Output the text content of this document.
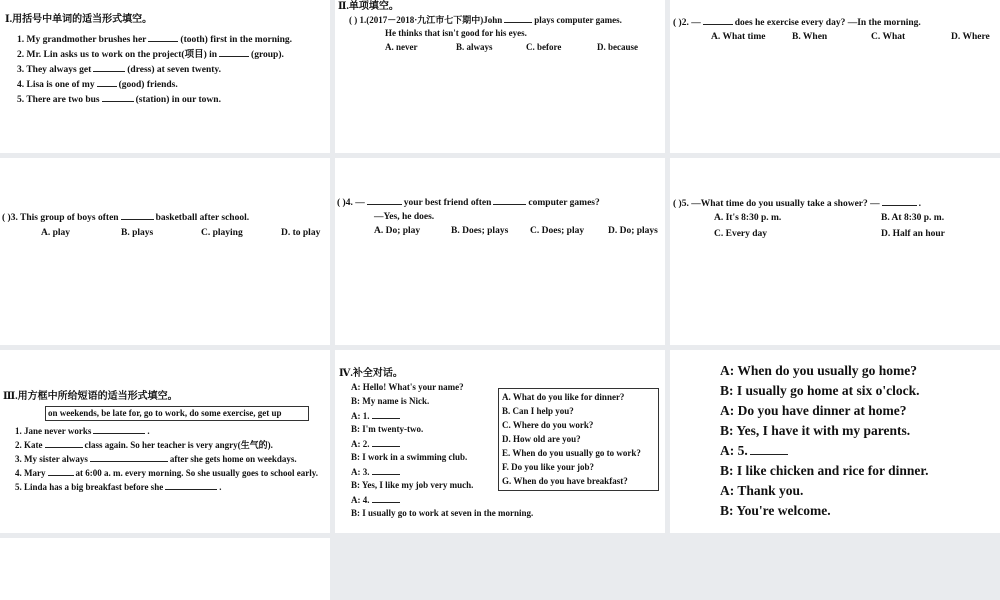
Ⅰ.用括号中单词的适当形式填空。
1. My grandmother brushes her	(tooth) first in the morning.
2. Mr. Lin asks us to work on the project(项目) in	(group).
3. They always get	(dress) at seven twenty.
4. Lisa is one of my	(good) friends.
5. There are two bus	(station) in our town.
Ⅱ.单项填空。
( ) 1.(2017－2018·九江市七下期中)John	plays computer games.
He thinks that isn't good for his eyes.
A. never	B. always	C. before	D. because
( )2. —	does he exercise every day? —In the morning.
A. What time	B. When	C. What	D. Where
( )3. This group of boys often	basketball after school.
A. play	B. plays	C. playing	D. to play
( )4. —	your best friend often	computer games?
—Yes, he does.
A. Do; play	B. Does; plays C. Does; play	D. Do; plays
( )5. —What time do you usually take a shower? —	.
A. It's 8:30 p. m.	B. At 8:30 p. m.
C. Every day	D. Half an hour
Ⅲ.用方框中所给短语的适当形式填空。
on weekends, be late for, go to work, do some exercise, get up
1. Jane never works	.
2. Kate	class again. So her teacher is very angry(生气的).
3. My sister always	after she gets home on weekdays.
4. Mary	at 6:00 a. m. every morning. So she usually goes to school early.
5. Linda has a big breakfast before she	.
Ⅳ.补全对话。
A: Hello! What's your name?
B: My name is Nick.
A: 1.
B: I'm twenty-two.
A: 2.
B: I work in a swimming club.
A: 3.
B: Yes, I like my job very much.
A: 4.
B: I usually go to work at seven in the morning.
A. What do you like for dinner?
B. Can I help you?
C. Where do you work?
D. How old are you?
E. When do you usually go to work?
F. Do you like your job?
G. When do you have breakfast?
A: When do you usually go home?
B: I usually go home at six o'clock.
A: Do you have dinner at home?
B: Yes, I have it with my parents.
A: 5.
B: I like chicken and rice for dinner.
A: Thank you.
B: You're welcome.
